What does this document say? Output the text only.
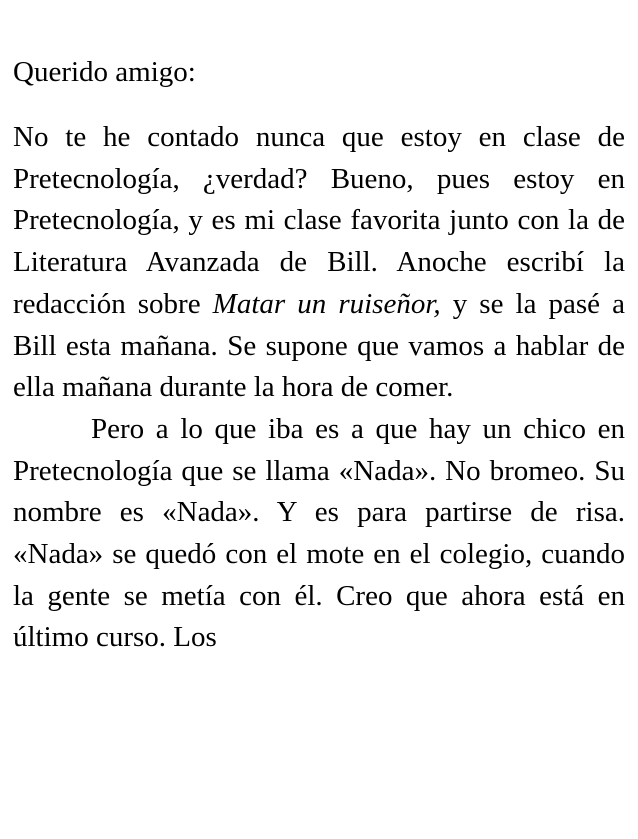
Querido amigo:

No te he contado nunca que estoy en clase de Pretecnología, ¿verdad? Bueno, pues estoy en Pretecnología, y es mi clase favorita junto con la de Literatura Avanzada de Bill. Anoche escribí la redacción sobre Matar un ruiseñor, y se la pasé a Bill esta mañana. Se supone que vamos a hablar de ella mañana durante la hora de comer.

Pero a lo que iba es a que hay un chico en Pretecnología que se llama «Nada». No bromeo. Su nombre es «Nada». Y es para partirse de risa. «Nada» se quedó con el mote en el colegio, cuando la gente se metía con él. Creo que ahora está en último curso. Los
